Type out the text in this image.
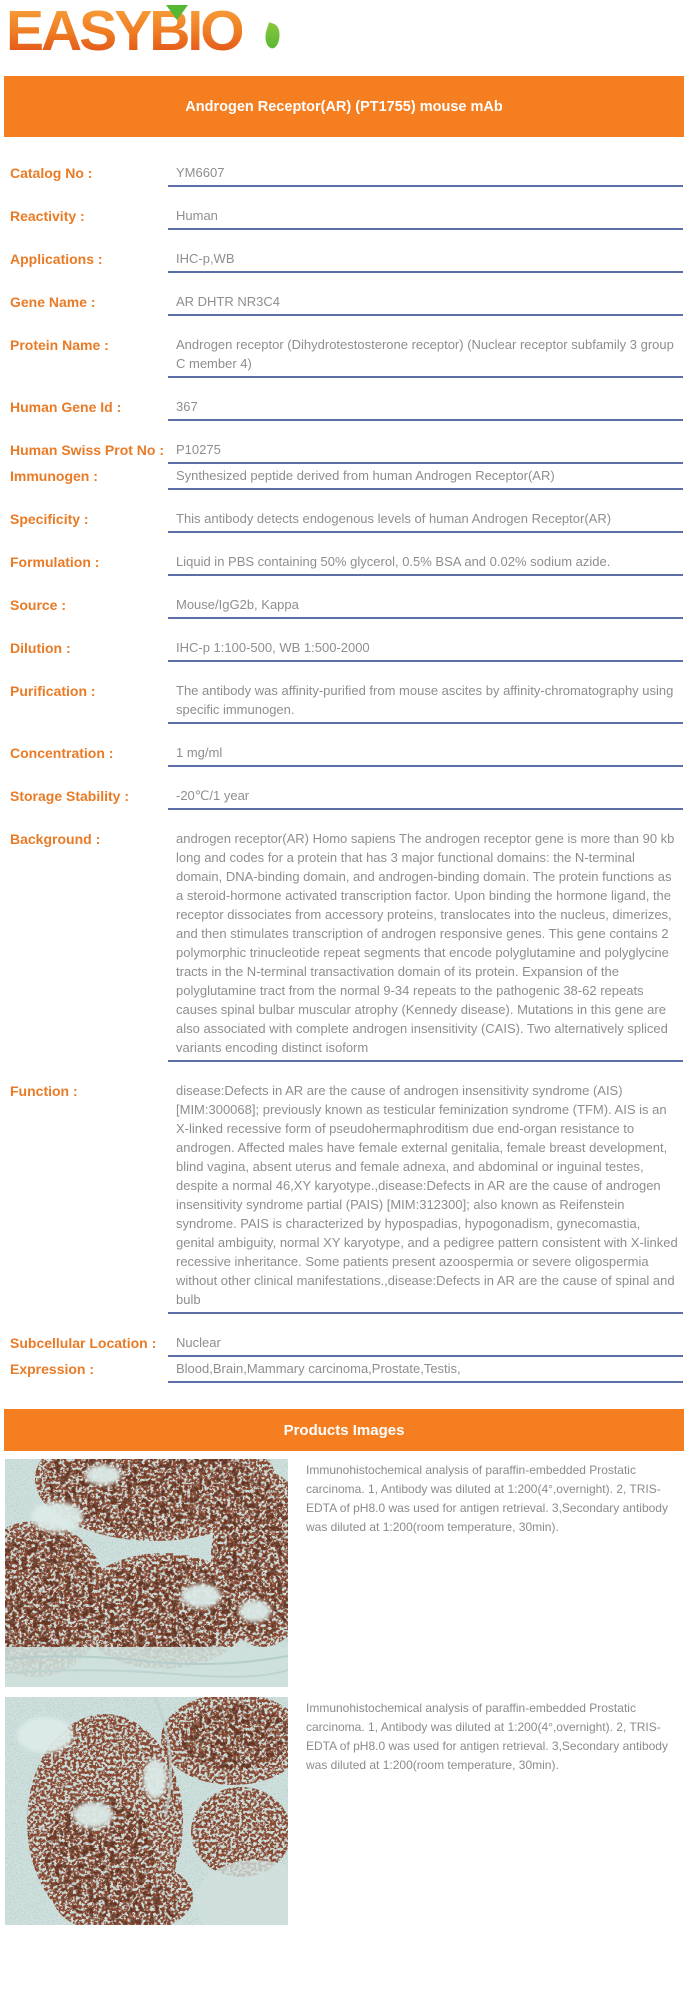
EASYBIO
Androgen Receptor(AR) (PT1755) mouse mAb
Catalog No :	YM6607
Reactivity :	Human
Applications :	IHC-p,WB
Gene Name :	AR DHTR NR3C4
Protein Name :	Androgen receptor (Dihydrotestosterone receptor) (Nuclear receptor subfamily 3 group C member 4)
Human Gene Id :	367
Human Swiss Prot No : P10275
Immunogen :	Synthesized peptide derived from human Androgen Receptor(AR)
Specificity :	This antibody detects endogenous levels of human Androgen Receptor(AR)
Formulation :	Liquid in PBS containing 50% glycerol, 0.5% BSA and 0.02% sodium azide.
Source :	Mouse/IgG2b, Kappa
Dilution :	IHC-p 1:100-500, WB 1:500-2000
Purification :	The antibody was affinity-purified from mouse ascites by affinity-chromatography using specific immunogen.
Concentration :	1 mg/ml
Storage Stability :	-20℃/1 year
Background :	androgen receptor(AR) Homo sapiens The androgen receptor gene is more than 90 kb long and codes for a protein that has 3 major functional domains: the N-terminal domain, DNA-binding domain, and androgen-binding domain. The protein functions as a steroid-hormone activated transcription factor. Upon binding the hormone ligand, the receptor dissociates from accessory proteins, translocates into the nucleus, dimerizes, and then stimulates transcription of androgen responsive genes. This gene contains 2 polymorphic trinucleotide repeat segments that encode polyglutamine and polyglycine tracts in the N-terminal transactivation domain of its protein. Expansion of the polyglutamine tract from the normal 9-34 repeats to the pathogenic 38-62 repeats causes spinal bulbar muscular atrophy (Kennedy disease). Mutations in this gene are also associated with complete androgen insensitivity (CAIS). Two alternatively spliced variants encoding distinct isoform
Function :	disease:Defects in AR are the cause of androgen insensitivity syndrome (AIS) [MIM:300068]; previously known as testicular feminization syndrome (TFM). AIS is an X-linked recessive form of pseudohermaphroditism due end-organ resistance to androgen. Affected males have female external genitalia, female breast development, blind vagina, absent uterus and female adnexa, and abdominal or inguinal testes, despite a normal 46,XY karyotype.,disease:Defects in AR are the cause of androgen insensitivity syndrome partial (PAIS) [MIM:312300]; also known as Reifenstein syndrome. PAIS is characterized by hypospadias, hypogonadism, gynecomastia, genital ambiguity, normal XY karyotype, and a pedigree pattern consistent with X-linked recessive inheritance. Some patients present azoospermia or severe oligospermia without other clinical manifestations.,disease:Defects in AR are the cause of spinal and bulb
Subcellular Location :	Nuclear
Expression :	Blood,Brain,Mammary carcinoma,Prostate,Testis,
Products Images
Immunohistochemical analysis of paraffin-embedded Prostatic carcinoma. 1, Antibody was diluted at 1:200(4°,overnight). 2, TRIS-EDTA of pH8.0 was used for antigen retrieval. 3,Secondary antibody was diluted at 1:200(room temperature, 30min).
Immunohistochemical analysis of paraffin-embedded Prostatic carcinoma. 1, Antibody was diluted at 1:200(4°,overnight). 2, TRIS-EDTA of pH8.0 was used for antigen retrieval. 3,Secondary antibody was diluted at 1:200(room temperature, 30min).
